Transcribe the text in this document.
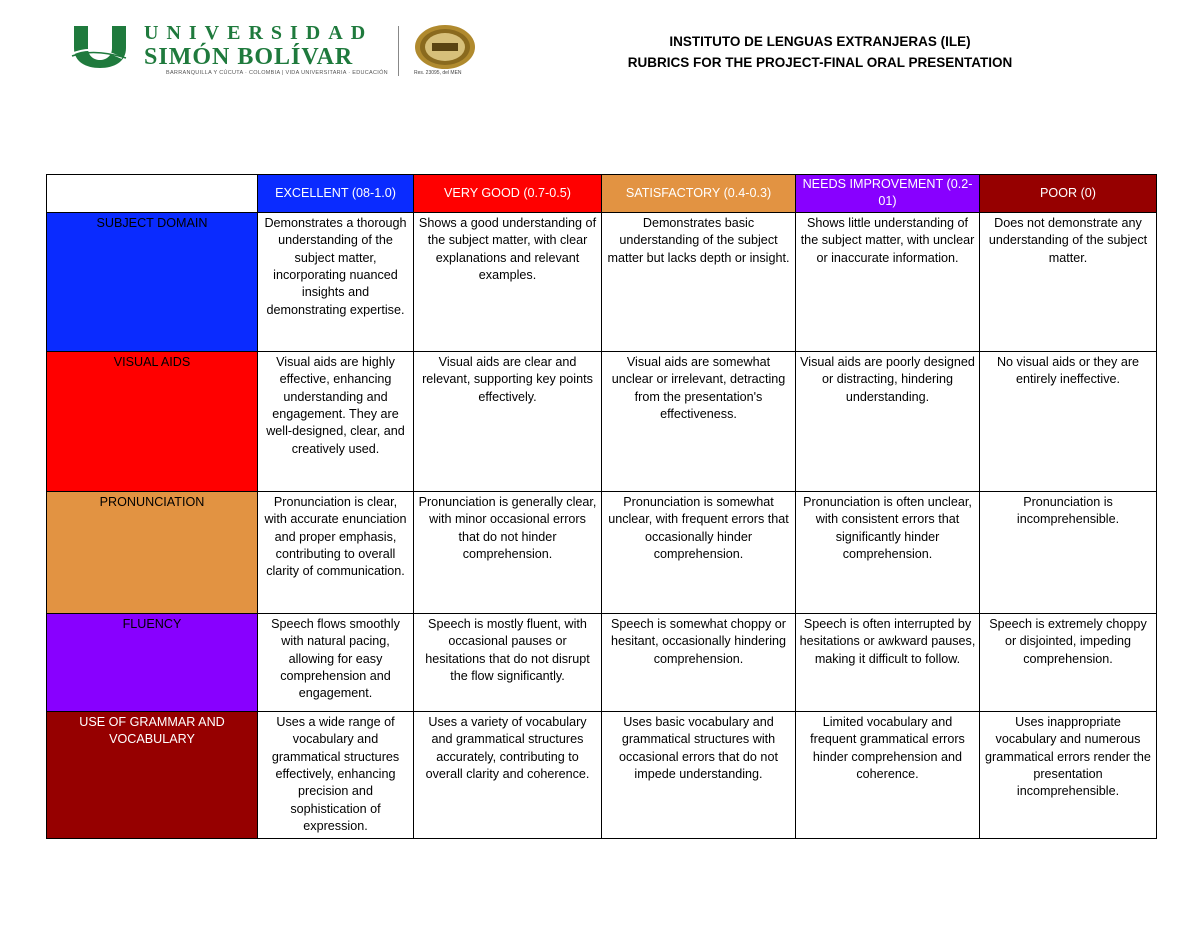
UNIVERSIDAD
SIMÓN BOLÍVAR
BARRANQUILLA Y CÚCUTA · COLOMBIA | VIDA UNIVERSITARIA · EDUCACIÓN	Res. 23095, del MEN
INSTITUTO DE LENGUAS EXTRANJERAS (ILE)
RUBRICS FOR THE PROJECT-FINAL ORAL PRESENTATION
	EXCELLENT (08-1.0)	VERY GOOD (0.7-0.5)	SATISFACTORY (0.4-0.3)	NEEDS IMPROVEMENT (0.2-01)	POOR (0)
SUBJECT DOMAIN	Demonstrates a thorough understanding of the subject matter, incorporating nuanced insights and demonstrating expertise.	Shows a good understanding of the subject matter, with clear explanations and relevant examples.	Demonstrates basic understanding of the subject matter but lacks depth or insight.	Shows little understanding of the subject matter, with unclear or inaccurate information.	Does not demonstrate any understanding of the subject matter.
VISUAL AIDS	Visual aids are highly effective, enhancing understanding and engagement. They are well-designed, clear, and creatively used.	Visual aids are clear and relevant, supporting key points effectively.	Visual aids are somewhat unclear or irrelevant, detracting from the presentation's effectiveness.	Visual aids are poorly designed or distracting, hindering understanding.	No visual aids or they are entirely ineffective.
PRONUNCIATION	Pronunciation is clear, with accurate enunciation and proper emphasis, contributing to overall clarity of communication.	Pronunciation is generally clear, with minor occasional errors that do not hinder comprehension.	Pronunciation is somewhat unclear, with frequent errors that occasionally hinder comprehension.	Pronunciation is often unclear, with consistent errors that significantly hinder comprehension.	Pronunciation is incomprehensible.
FLUENCY	Speech flows smoothly with natural pacing, allowing for easy comprehension and engagement.	Speech is mostly fluent, with occasional pauses or hesitations that do not disrupt the flow significantly.	Speech is somewhat choppy or hesitant, occasionally hindering comprehension.	Speech is often interrupted by hesitations or awkward pauses, making it difficult to follow.	Speech is extremely choppy or disjointed, impeding comprehension.
USE OF GRAMMAR AND VOCABULARY	Uses a wide range of vocabulary and grammatical structures effectively, enhancing precision and sophistication of expression.	Uses a variety of vocabulary and grammatical structures accurately, contributing to overall clarity and coherence.	Uses basic vocabulary and grammatical structures with occasional errors that do not impede understanding.	Limited vocabulary and frequent grammatical errors hinder comprehension and coherence.	Uses inappropriate vocabulary and numerous grammatical errors render the presentation incomprehensible.
